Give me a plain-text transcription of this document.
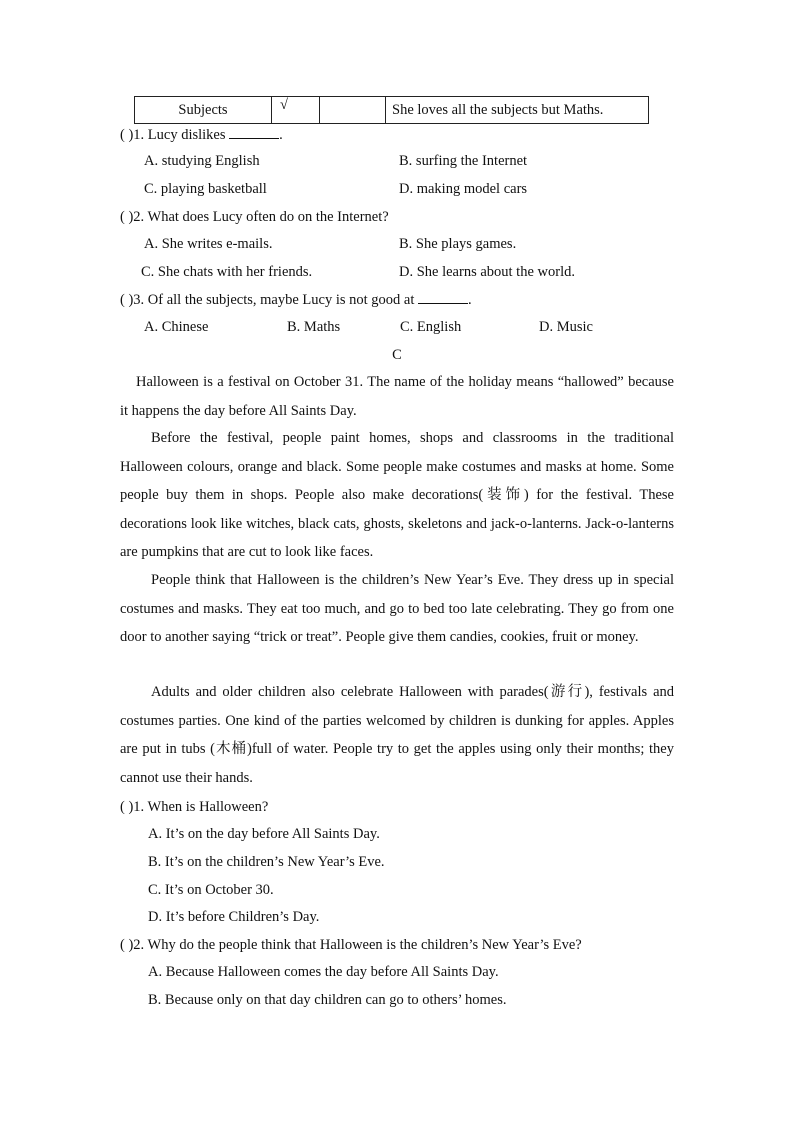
Subjects	√		She loves all the subjects but Maths.
( )1. Lucy dislikes	.
A. studying English	B. surfing the Internet
C. playing basketball	D. making model cars
( )2. What does Lucy often do on the Internet?
A. She writes e-mails.	B. She plays games.
C. She chats with her friends.	D. She learns about the world.
( )3. Of all the subjects, maybe Lucy is not good at	.
A. Chinese	B. Maths	C. English	D. Music
C
Halloween is a festival on October 31. The name of the holiday means “hallowed” because it happens the day before All Saints Day.
Before the festival, people paint homes, shops and classrooms in the traditional Halloween colours, orange and black. Some people make costumes and masks at home. Some people buy them in shops. People also make decorations(装饰) for the festival. These decorations look like witches, black cats, ghosts, skeletons and jack-o-lanterns. Jack-o-lanterns are pumpkins that are cut to look like faces.
People think that Halloween is the children’s New Year’s Eve. They dress up in special costumes and masks. They eat too much, and go to bed too late celebrating. They go from one door to another saying “trick or treat”. People give them candies, cookies, fruit or money.
Adults and older children also celebrate Halloween with parades(游行), festivals and costumes parties. One kind of the parties welcomed by children is dunking for apples. Apples are put in tubs (木桶)full of water. People try to get the apples using only their months; they cannot use their hands.
( )1. When is Halloween?
A. It’s on the day before All Saints Day.
B. It’s on the children’s New Year’s Eve.
C. It’s on October 30.
D. It’s before Children’s Day.
( )2. Why do the people think that Halloween is the children’s New Year’s Eve?
A. Because Halloween comes the day before All Saints Day.
B. Because only on that day children can go to others’ homes.
